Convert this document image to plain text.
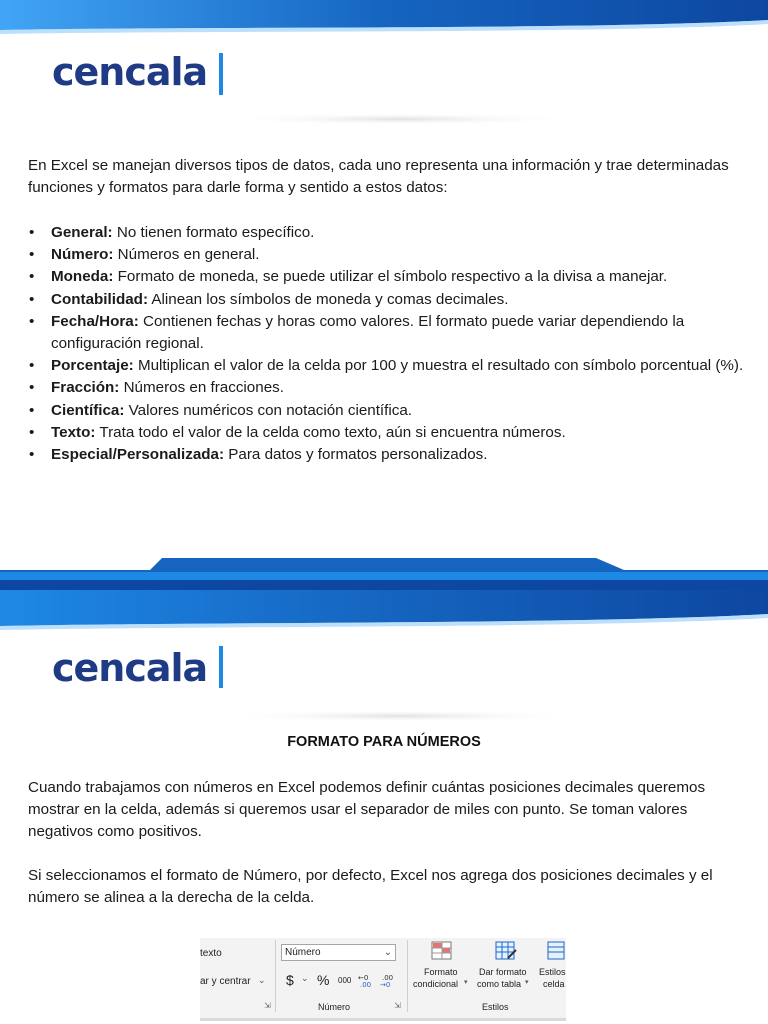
cencala
En Excel se manejan diversos tipos de datos, cada uno representa una información y trae determinadas funciones y formatos para darle forma y sentido a estos datos:
• General: No tienen formato específico.
• Número: Números en general.
• Moneda: Formato de moneda, se puede utilizar el símbolo respectivo a la divisa a manejar.
• Contabilidad: Alinean los símbolos de moneda y comas decimales.
• Fecha/Hora: Contienen fechas y horas como valores. El formato puede variar dependiendo la configuración regional.
• Porcentaje: Multiplican el valor de la celda por 100 y muestra el resultado con símbolo porcentual (%).
• Fracción: Números en fracciones.
• Científica: Valores numéricos con notación científica.
• Texto: Trata todo el valor de la celda como texto, aún si encuentra números.
• Especial/Personalizada: Para datos y formatos personalizados.
cencala
FORMATO PARA NÚMEROS
Cuando trabajamos con números en Excel podemos definir cuántas posiciones decimales queremos mostrar en la celda, además si queremos usar el separador de miles con punto. Se toman valores negativos como positivos.
Si seleccionamos el formato de Número, por defecto, Excel nos agrega dos posiciones decimales y el número se alinea a la derecha de la celda.
texto
ar y centrar ⌄
⇲
Número	⌄
$ ⌄ % 000 ←0
.00
.00
→0
Número	⇲
Formato
condicional ▾
Dar formato
como tabla ▾
Estilos
celda
Estilos
